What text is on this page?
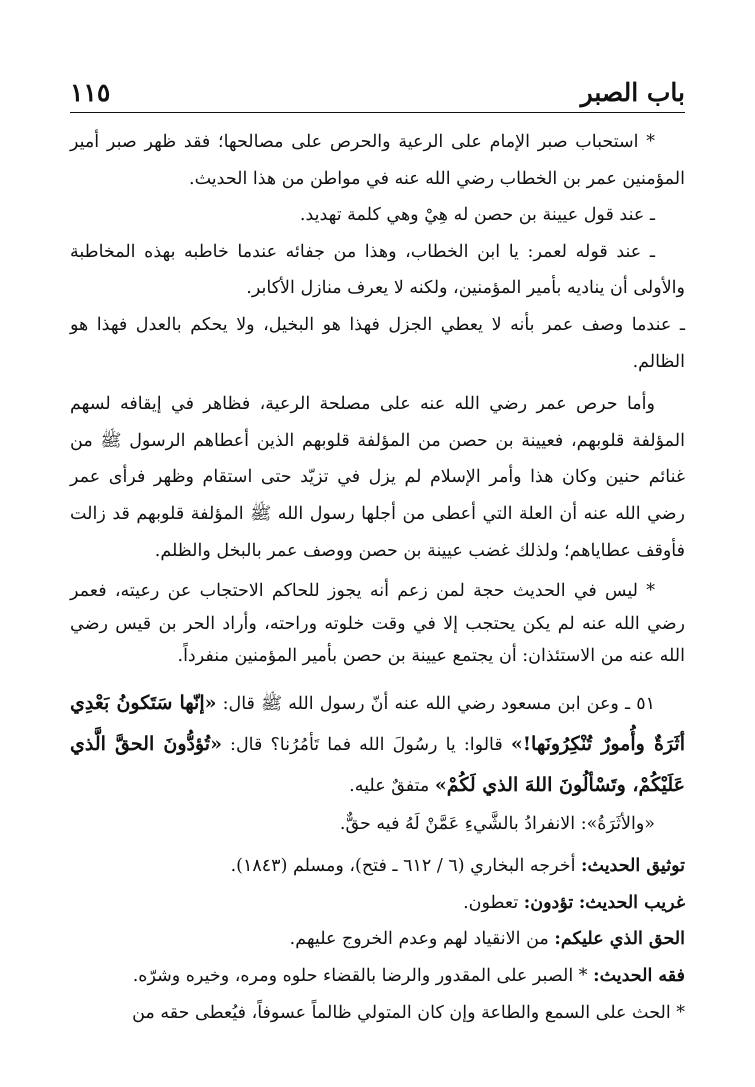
باب الصبر
١١٥

* استحباب صبر الإمام على الرعية والحرص على مصالحها؛ فقد ظهر صبر أمير المؤمنين عمر بن الخطاب رضي الله عنه في مواطن من هذا الحديث.

ـ عند قول عيينة بن حصن له هِيْ وهي كلمة تهديد.

ـ عند قوله لعمر: يا ابن الخطاب، وهذا من جفائه عندما خاطبه بهذه المخاطبة والأولى أن يناديه بأمير المؤمنين، ولكنه لا يعرف منازل الأكابر.

ـ عندما وصف عمر بأنه لا يعطي الجزل فهذا هو البخيل، ولا يحكم بالعدل فهذا هو الظالم.

وأما حرص عمر رضي الله عنه على مصلحة الرعية، فظاهر في إيقافه لسهم المؤلفة قلوبهم، فعيينة بن حصن من المؤلفة قلوبهم الذين أعطاهم الرسول ﷺ من غنائم حنين وكان هذا وأمر الإسلام لم يزل في تزيّد حتى استقام وظهر فرأى عمر رضي الله عنه أن العلة التي أعطى من أجلها رسول الله ﷺ المؤلفة قلوبهم قد زالت فأوقف عطاياهم؛ ولذلك غضب عيينة بن حصن ووصف عمر بالبخل والظلم.

* ليس في الحديث حجة لمن زعم أنه يجوز للحاكم الاحتجاب عن رعيته، فعمر رضي الله عنه لم يكن يحتجب إلا في وقت خلوته وراحته، وأراد الحر بن قيس رضي الله عنه من الاستئذان: أن يجتمع عيينة بن حصن بأمير المؤمنين منفرداً.

٥١ ـ وعن ابن مسعود رضي الله عنه أنّ رسول الله ﷺ قال: «إنّها سَتَكونُ بَعْدِي أثَرَةٌ وأُمورٌ تُنْكِرُونَها!» قالوا: يا رسُولَ الله فما تَأمُرُنا؟ قال: «تُؤدُّونَ الحقَّ الَّذي عَلَيْكُمْ، وتَسْألُونَ اللهَ الذي لَكُمْ» متفقٌ عليه.

«والأثَرَةُ»: الانفرادُ بالشَّيءِ عَمَّنْ لَهُ فيه حقٌّ.

توثيق الحديث: أخرجه البخاري (٦ / ٦١٢ ـ فتح)، ومسلم (١٨٤٣).

غريب الحديث: تؤدون: تعطون.

الحق الذي عليكم: من الانقياد لهم وعدم الخروج عليهم.

فقه الحديث: * الصبر على المقدور والرضا بالقضاء حلوه ومره، وخيره وشرّه.

* الحث على السمع والطاعة وإن كان المتولي ظالماً عسوفاً، فيُعطى حقه من
